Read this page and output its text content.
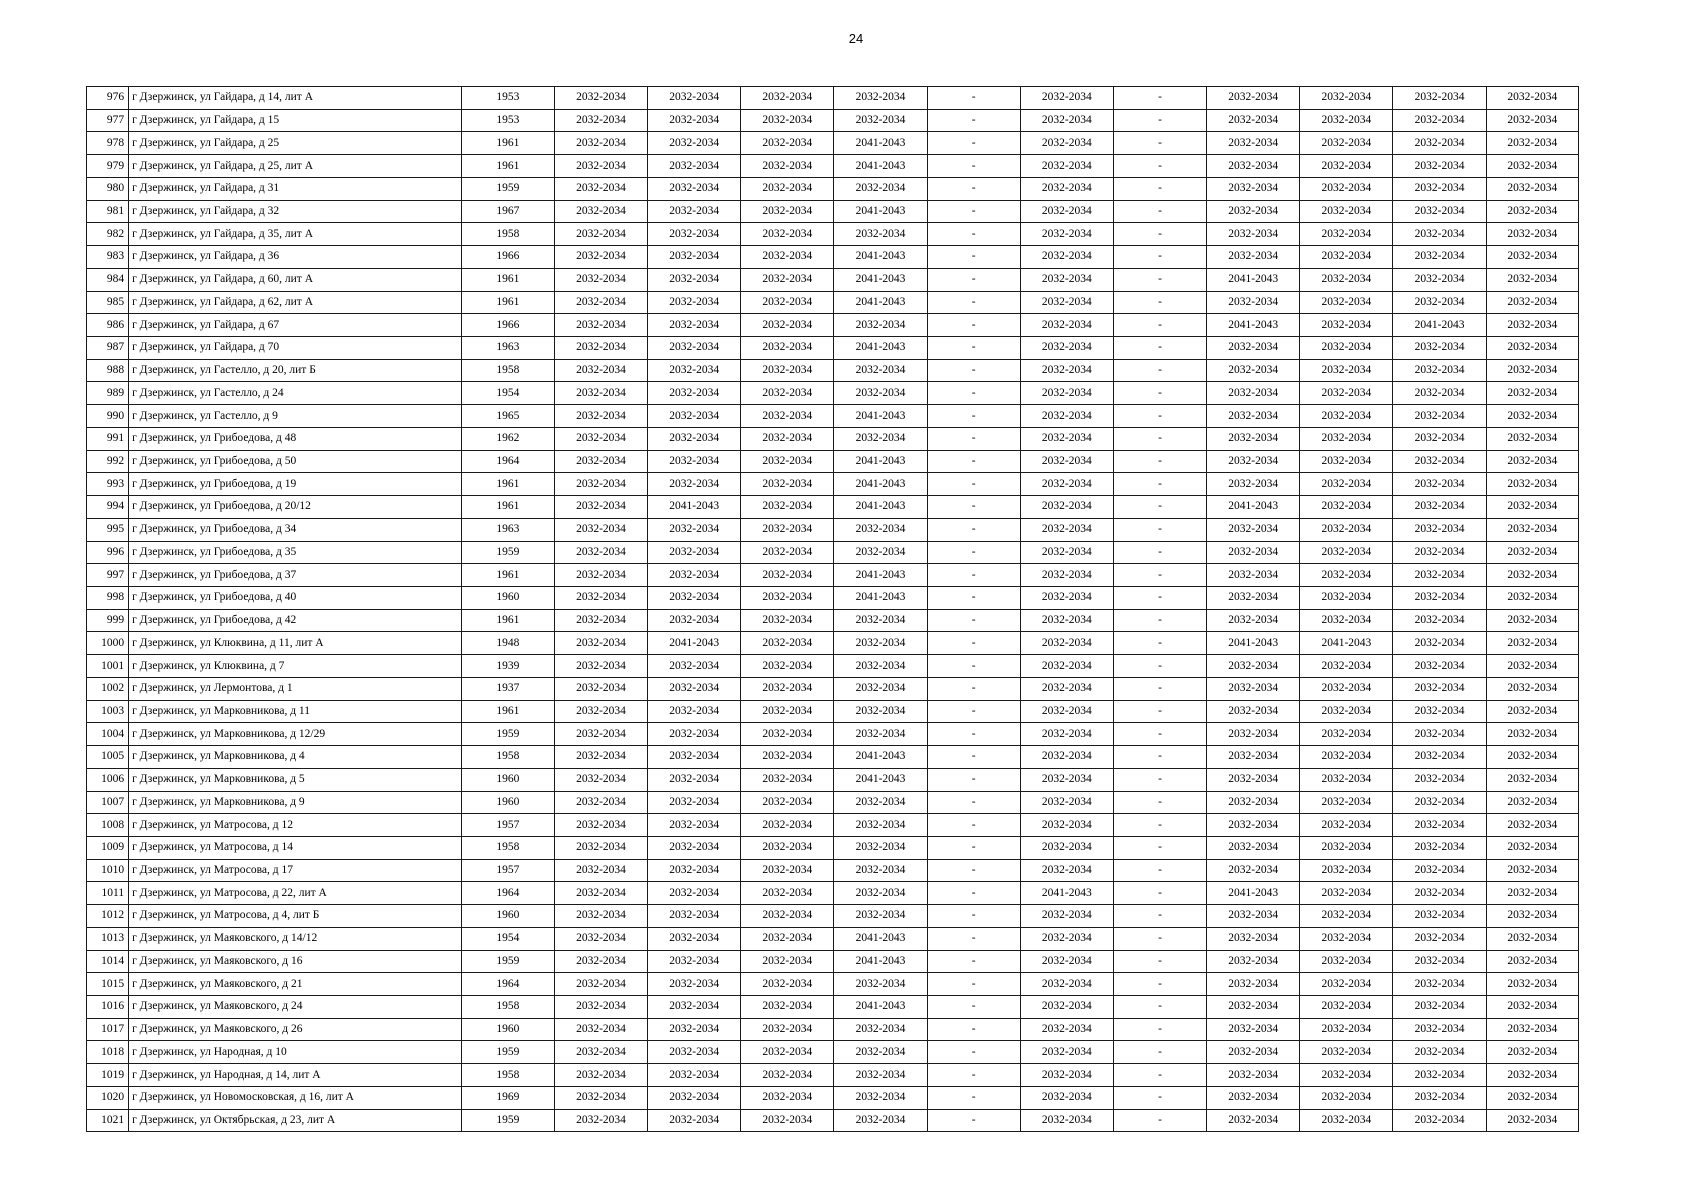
24
976	г Дзержинск, ул Гайдара, д 14, лит А	1953	2032-2034	2032-2034	2032-2034	2032-2034	-	2032-2034	-	2032-2034	2032-2034	2032-2034	2032-2034
977	г Дзержинск, ул Гайдара, д 15	1953	2032-2034	2032-2034	2032-2034	2032-2034	-	2032-2034	-	2032-2034	2032-2034	2032-2034	2032-2034
978	г Дзержинск, ул Гайдара, д 25	1961	2032-2034	2032-2034	2032-2034	2041-2043	-	2032-2034	-	2032-2034	2032-2034	2032-2034	2032-2034
979	г Дзержинск, ул Гайдара, д 25, лит А	1961	2032-2034	2032-2034	2032-2034	2041-2043	-	2032-2034	-	2032-2034	2032-2034	2032-2034	2032-2034
980	г Дзержинск, ул Гайдара, д 31	1959	2032-2034	2032-2034	2032-2034	2032-2034	-	2032-2034	-	2032-2034	2032-2034	2032-2034	2032-2034
981	г Дзержинск, ул Гайдара, д 32	1967	2032-2034	2032-2034	2032-2034	2041-2043	-	2032-2034	-	2032-2034	2032-2034	2032-2034	2032-2034
982	г Дзержинск, ул Гайдара, д 35, лит А	1958	2032-2034	2032-2034	2032-2034	2032-2034	-	2032-2034	-	2032-2034	2032-2034	2032-2034	2032-2034
983	г Дзержинск, ул Гайдара, д 36	1966	2032-2034	2032-2034	2032-2034	2041-2043	-	2032-2034	-	2032-2034	2032-2034	2032-2034	2032-2034
984	г Дзержинск, ул Гайдара, д 60, лит А	1961	2032-2034	2032-2034	2032-2034	2041-2043	-	2032-2034	-	2041-2043	2032-2034	2032-2034	2032-2034
985	г Дзержинск, ул Гайдара, д 62, лит А	1961	2032-2034	2032-2034	2032-2034	2041-2043	-	2032-2034	-	2032-2034	2032-2034	2032-2034	2032-2034
986	г Дзержинск, ул Гайдара, д 67	1966	2032-2034	2032-2034	2032-2034	2032-2034	-	2032-2034	-	2041-2043	2032-2034	2041-2043	2032-2034
987	г Дзержинск, ул Гайдара, д 70	1963	2032-2034	2032-2034	2032-2034	2041-2043	-	2032-2034	-	2032-2034	2032-2034	2032-2034	2032-2034
988	г Дзержинск, ул Гастелло, д 20, лит Б	1958	2032-2034	2032-2034	2032-2034	2032-2034	-	2032-2034	-	2032-2034	2032-2034	2032-2034	2032-2034
989	г Дзержинск, ул Гастелло, д 24	1954	2032-2034	2032-2034	2032-2034	2032-2034	-	2032-2034	-	2032-2034	2032-2034	2032-2034	2032-2034
990	г Дзержинск, ул Гастелло, д 9	1965	2032-2034	2032-2034	2032-2034	2041-2043	-	2032-2034	-	2032-2034	2032-2034	2032-2034	2032-2034
991	г Дзержинск, ул Грибоедова, д 48	1962	2032-2034	2032-2034	2032-2034	2032-2034	-	2032-2034	-	2032-2034	2032-2034	2032-2034	2032-2034
992	г Дзержинск, ул Грибоедова, д 50	1964	2032-2034	2032-2034	2032-2034	2041-2043	-	2032-2034	-	2032-2034	2032-2034	2032-2034	2032-2034
993	г Дзержинск, ул Грибоедова, д 19	1961	2032-2034	2032-2034	2032-2034	2041-2043	-	2032-2034	-	2032-2034	2032-2034	2032-2034	2032-2034
994	г Дзержинск, ул Грибоедова, д 20/12	1961	2032-2034	2041-2043	2032-2034	2041-2043	-	2032-2034	-	2041-2043	2032-2034	2032-2034	2032-2034
995	г Дзержинск, ул Грибоедова, д 34	1963	2032-2034	2032-2034	2032-2034	2032-2034	-	2032-2034	-	2032-2034	2032-2034	2032-2034	2032-2034
996	г Дзержинск, ул Грибоедова, д 35	1959	2032-2034	2032-2034	2032-2034	2032-2034	-	2032-2034	-	2032-2034	2032-2034	2032-2034	2032-2034
997	г Дзержинск, ул Грибоедова, д 37	1961	2032-2034	2032-2034	2032-2034	2041-2043	-	2032-2034	-	2032-2034	2032-2034	2032-2034	2032-2034
998	г Дзержинск, ул Грибоедова, д 40	1960	2032-2034	2032-2034	2032-2034	2041-2043	-	2032-2034	-	2032-2034	2032-2034	2032-2034	2032-2034
999	г Дзержинск, ул Грибоедова, д 42	1961	2032-2034	2032-2034	2032-2034	2032-2034	-	2032-2034	-	2032-2034	2032-2034	2032-2034	2032-2034
1000	г Дзержинск, ул Клюквина, д 11, лит А	1948	2032-2034	2041-2043	2032-2034	2032-2034	-	2032-2034	-	2041-2043	2041-2043	2032-2034	2032-2034
1001	г Дзержинск, ул Клюквина, д 7	1939	2032-2034	2032-2034	2032-2034	2032-2034	-	2032-2034	-	2032-2034	2032-2034	2032-2034	2032-2034
1002	г Дзержинск, ул Лермонтова, д 1	1937	2032-2034	2032-2034	2032-2034	2032-2034	-	2032-2034	-	2032-2034	2032-2034	2032-2034	2032-2034
1003	г Дзержинск, ул Марковникова, д 11	1961	2032-2034	2032-2034	2032-2034	2032-2034	-	2032-2034	-	2032-2034	2032-2034	2032-2034	2032-2034
1004	г Дзержинск, ул Марковникова, д 12/29	1959	2032-2034	2032-2034	2032-2034	2032-2034	-	2032-2034	-	2032-2034	2032-2034	2032-2034	2032-2034
1005	г Дзержинск, ул Марковникова, д 4	1958	2032-2034	2032-2034	2032-2034	2041-2043	-	2032-2034	-	2032-2034	2032-2034	2032-2034	2032-2034
1006	г Дзержинск, ул Марковникова, д 5	1960	2032-2034	2032-2034	2032-2034	2041-2043	-	2032-2034	-	2032-2034	2032-2034	2032-2034	2032-2034
1007	г Дзержинск, ул Марковникова, д 9	1960	2032-2034	2032-2034	2032-2034	2032-2034	-	2032-2034	-	2032-2034	2032-2034	2032-2034	2032-2034
1008	г Дзержинск, ул Матросова, д 12	1957	2032-2034	2032-2034	2032-2034	2032-2034	-	2032-2034	-	2032-2034	2032-2034	2032-2034	2032-2034
1009	г Дзержинск, ул Матросова, д 14	1958	2032-2034	2032-2034	2032-2034	2032-2034	-	2032-2034	-	2032-2034	2032-2034	2032-2034	2032-2034
1010	г Дзержинск, ул Матросова, д 17	1957	2032-2034	2032-2034	2032-2034	2032-2034	-	2032-2034	-	2032-2034	2032-2034	2032-2034	2032-2034
1011	г Дзержинск, ул Матросова, д 22, лит А	1964	2032-2034	2032-2034	2032-2034	2032-2034	-	2041-2043	-	2041-2043	2032-2034	2032-2034	2032-2034
1012	г Дзержинск, ул Матросова, д 4, лит Б	1960	2032-2034	2032-2034	2032-2034	2032-2034	-	2032-2034	-	2032-2034	2032-2034	2032-2034	2032-2034
1013	г Дзержинск, ул Маяковского, д 14/12	1954	2032-2034	2032-2034	2032-2034	2041-2043	-	2032-2034	-	2032-2034	2032-2034	2032-2034	2032-2034
1014	г Дзержинск, ул Маяковского, д 16	1959	2032-2034	2032-2034	2032-2034	2041-2043	-	2032-2034	-	2032-2034	2032-2034	2032-2034	2032-2034
1015	г Дзержинск, ул Маяковского, д 21	1964	2032-2034	2032-2034	2032-2034	2032-2034	-	2032-2034	-	2032-2034	2032-2034	2032-2034	2032-2034
1016	г Дзержинск, ул Маяковского, д 24	1958	2032-2034	2032-2034	2032-2034	2041-2043	-	2032-2034	-	2032-2034	2032-2034	2032-2034	2032-2034
1017	г Дзержинск, ул Маяковского, д 26	1960	2032-2034	2032-2034	2032-2034	2032-2034	-	2032-2034	-	2032-2034	2032-2034	2032-2034	2032-2034
1018	г Дзержинск, ул Народная, д 10	1959	2032-2034	2032-2034	2032-2034	2032-2034	-	2032-2034	-	2032-2034	2032-2034	2032-2034	2032-2034
1019	г Дзержинск, ул Народная, д 14, лит А	1958	2032-2034	2032-2034	2032-2034	2032-2034	-	2032-2034	-	2032-2034	2032-2034	2032-2034	2032-2034
1020	г Дзержинск, ул Новомосковская, д 16, лит А	1969	2032-2034	2032-2034	2032-2034	2032-2034	-	2032-2034	-	2032-2034	2032-2034	2032-2034	2032-2034
1021	г Дзержинск, ул Октябрьская, д 23, лит А	1959	2032-2034	2032-2034	2032-2034	2032-2034	-	2032-2034	-	2032-2034	2032-2034	2032-2034	2032-2034
